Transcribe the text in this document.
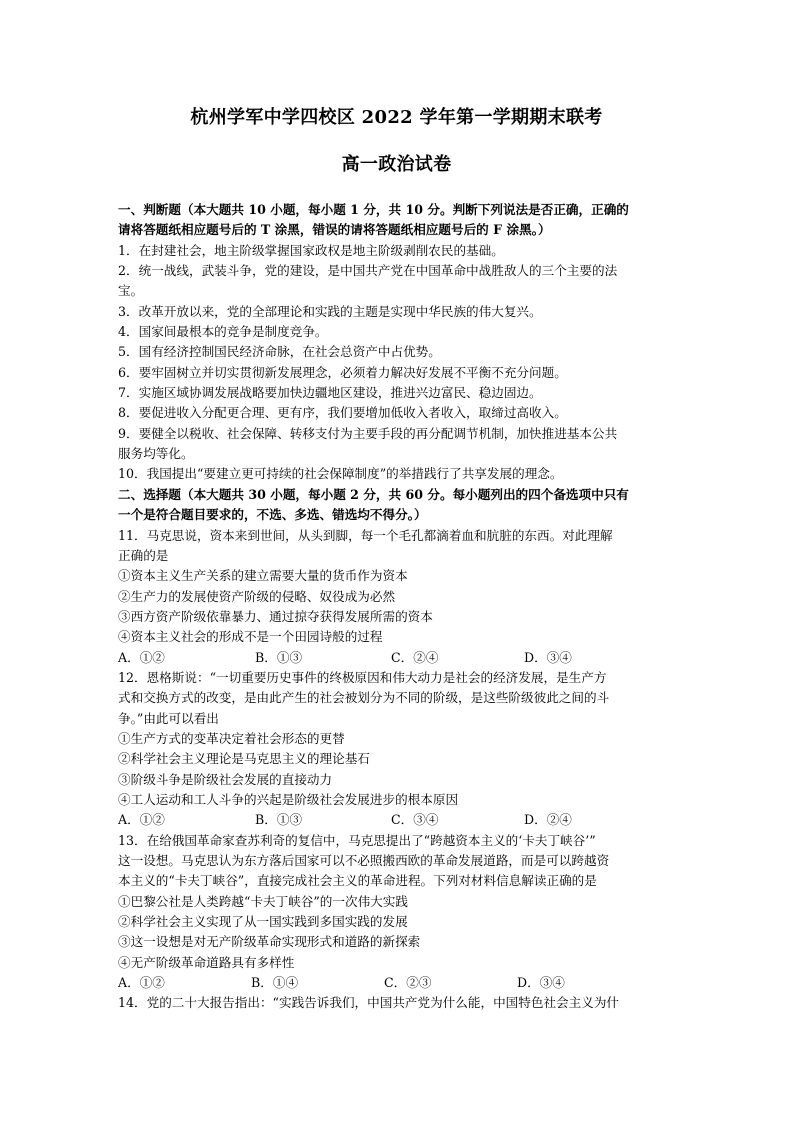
杭州学军中学四校区 2022 学年第一学期期末联考
高一政治试卷
一、判断题（本大题共 10 小题，每小题 1 分，共 10 分。判断下列说法是否正确，正确的
请将答题纸相应题号后的 T 涂黑，错误的请将答题纸相应题号后的 F 涂黑。）
1．在封建社会，地主阶级掌握国家政权是地主阶级剥削农民的基础。
2．统一战线，武装斗争，党的建设，是中国共产党在中国革命中战胜敌人的三个主要的法
宝。
3．改革开放以来，党的全部理论和实践的主题是实现中华民族的伟大复兴。
4．国家间最根本的竞争是制度竞争。
5．国有经济控制国民经济命脉，在社会总资产中占优势。
6．要牢固树立并切实贯彻新发展理念，必须着力解决好发展不平衡不充分问题。
7．实施区域协调发展战略要加快边疆地区建设，推进兴边富民、稳边固边。
8．要促进收入分配更合理、更有序，我们要增加低收入者收入，取缔过高收入。
9．要健全以税收、社会保障、转移支付为主要手段的再分配调节机制，加快推进基本公共
服务均等化。
10．我国提出“要建立更可持续的社会保障制度”的举措践行了共享发展的理念。
二、选择题（本大题共 30 小题，每小题 2 分，共 60 分。每小题列出的四个备选项中只有
一个是符合题目要求的，不选、多选、错选均不得分。）
11．马克思说，资本来到世间，从头到脚，每一个毛孔都滴着血和肮脏的东西。对此理解
正确的是
①资本主义生产关系的建立需要大量的货币作为资本
②生产力的发展使资产阶级的侵略、奴役成为必然
③西方资产阶级依靠暴力、通过掠夺获得发展所需的资本
④资本主义社会的形成不是一个田园诗般的过程
A．①②	B．①③	C．②④	D．③④
12．恩格斯说：“一切重要历史事件的终极原因和伟大动力是社会的经济发展，是生产方
式和交换方式的改变，是由此产生的社会被划分为不同的阶级，是这些阶级彼此之间的斗
争。”由此可以看出
①生产方式的变革决定着社会形态的更替
②科学社会主义理论是马克思主义的理论基石
③阶级斗争是阶级社会发展的直接动力
④工人运动和工人斗争的兴起是阶级社会发展进步的根本原因
A．①②	B．①③	C．③④	D．②④
13．在给俄国革命家查苏利奇的复信中，马克思提出了“跨越资本主义的‘卡夫丁峡谷’”
这一设想。马克思认为东方落后国家可以不必照搬西欧的革命发展道路，而是可以跨越资
本主义的“卡夫丁峡谷”，直接完成社会主义的革命进程。下列对材料信息解读正确的是
①巴黎公社是人类跨越“卡夫丁峡谷”的一次伟大实践
②科学社会主义实现了从一国实践到多国实践的发展
③这一设想是对无产阶级革命实现形式和道路的新探索
④无产阶级革命道路具有多样性
A．①②	B．①④	C．②③	D．③④
14．党的二十大报告指出：“实践告诉我们，中国共产党为什么能，中国特色社会主义为什
